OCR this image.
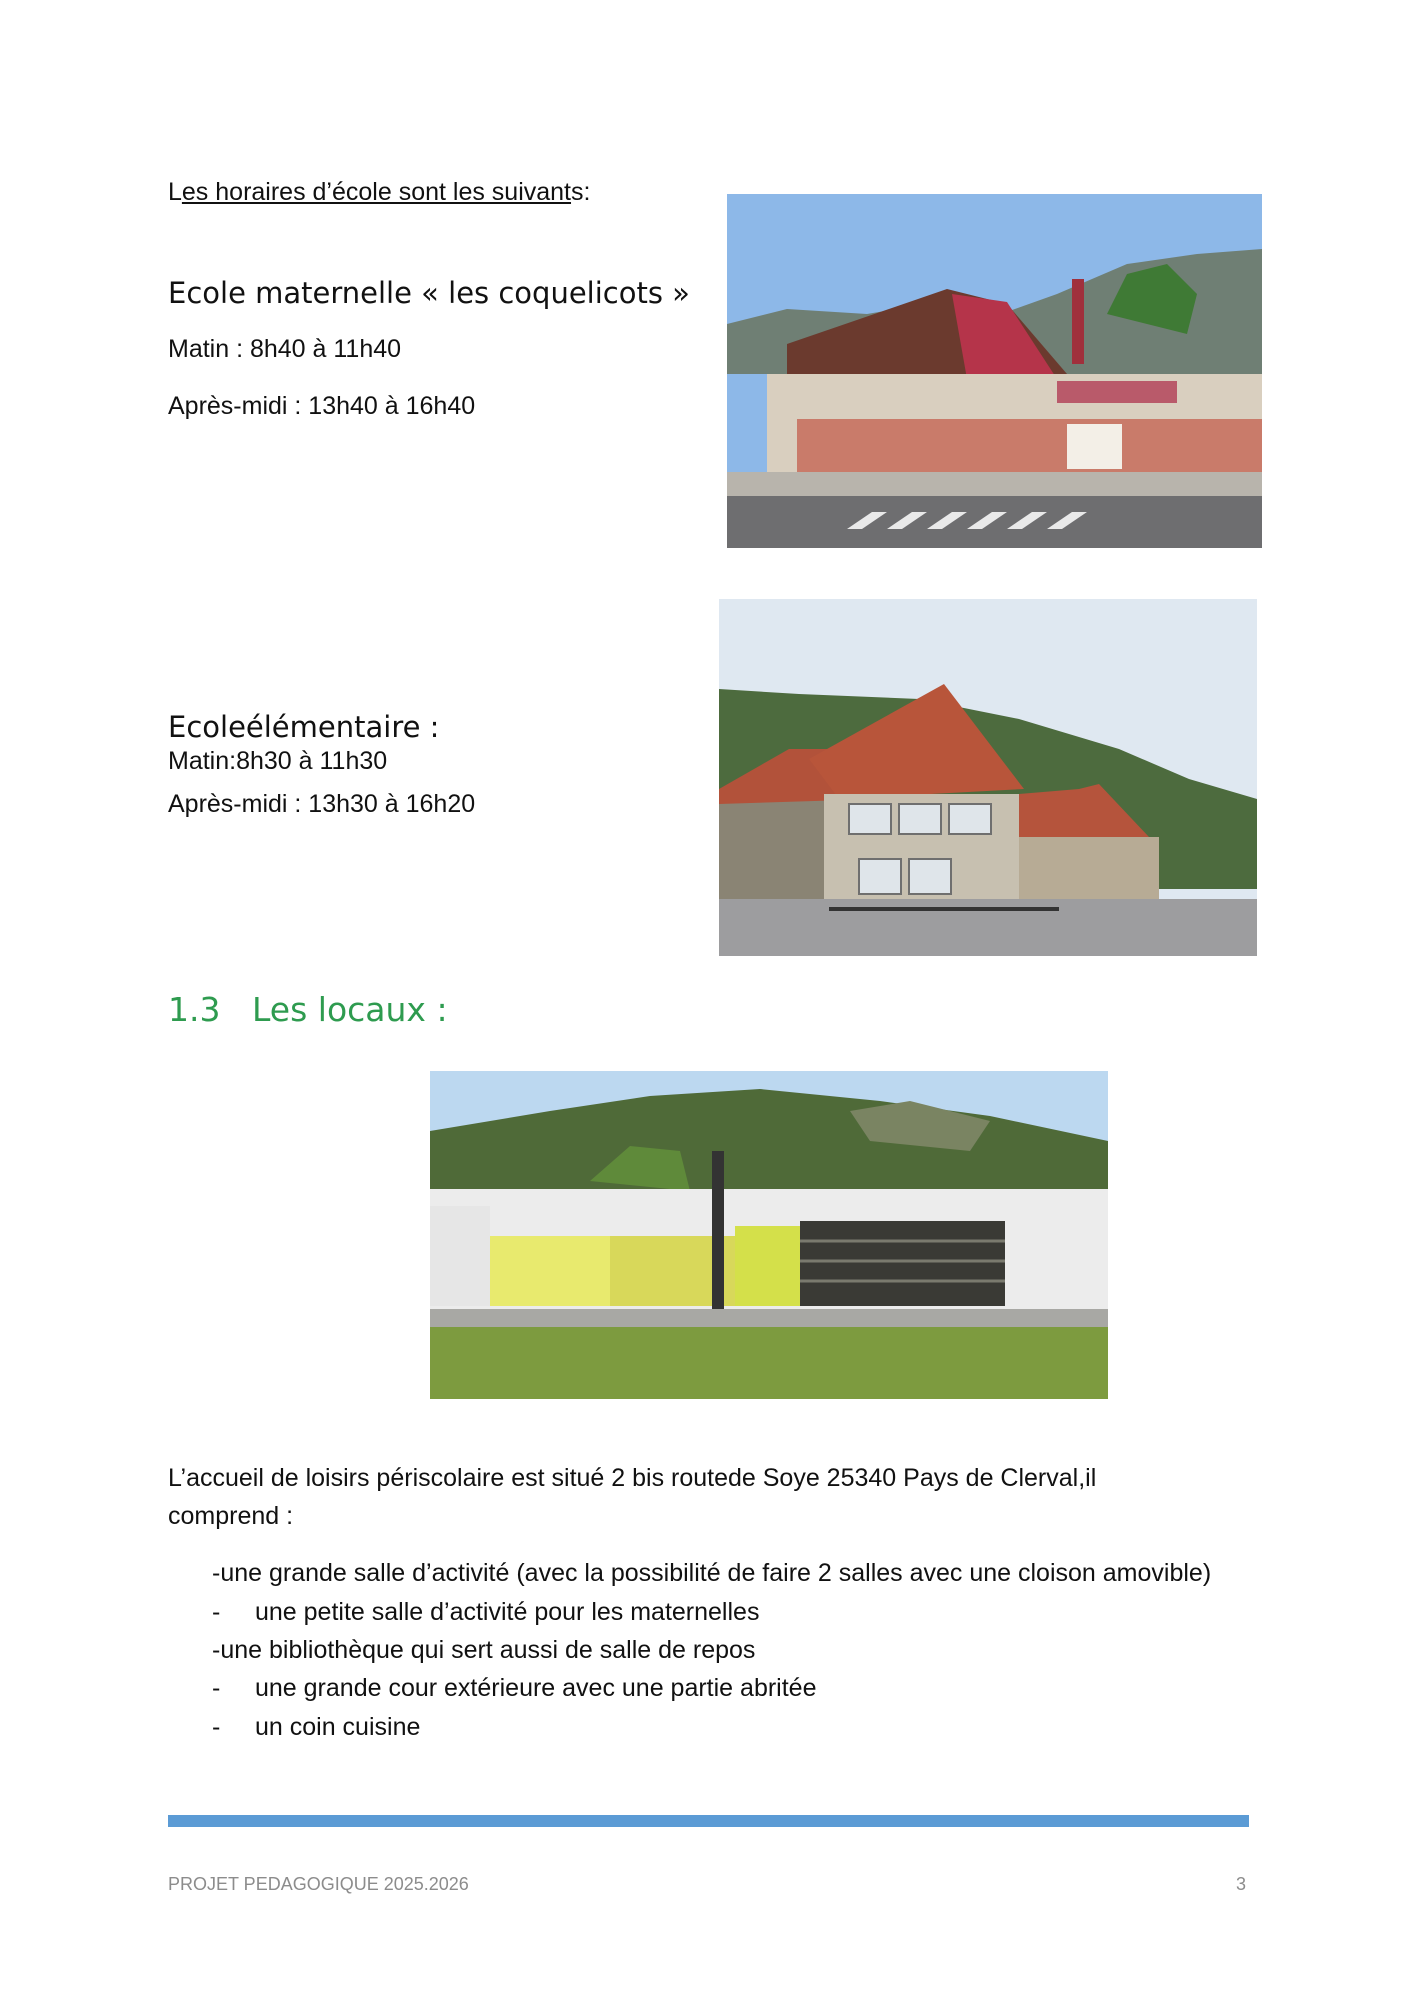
Les horaires d’école sont les suivants:
Ecole maternelle « les coquelicots »
Matin : 8h40 à 11h40
Après-midi : 13h40 à 16h40
Ecoleélémentaire :
Matin:8h30 à 11h30
Après-midi : 13h30 à 16h20
1.3 Les locaux :
L’accueil de loisirs périscolaire est situé 2 bis routede Soye 25340 Pays de Clerval,il
comprend :
-une grande salle d’activité (avec la possibilité de faire 2 salles avec une cloison amovible)
- une petite salle d’activité pour les maternelles
-une bibliothèque qui sert aussi de salle de repos
- une grande cour extérieure avec une partie abritée
- un coin cuisine
PROJET PEDAGOGIQUE 2025.2026	3
